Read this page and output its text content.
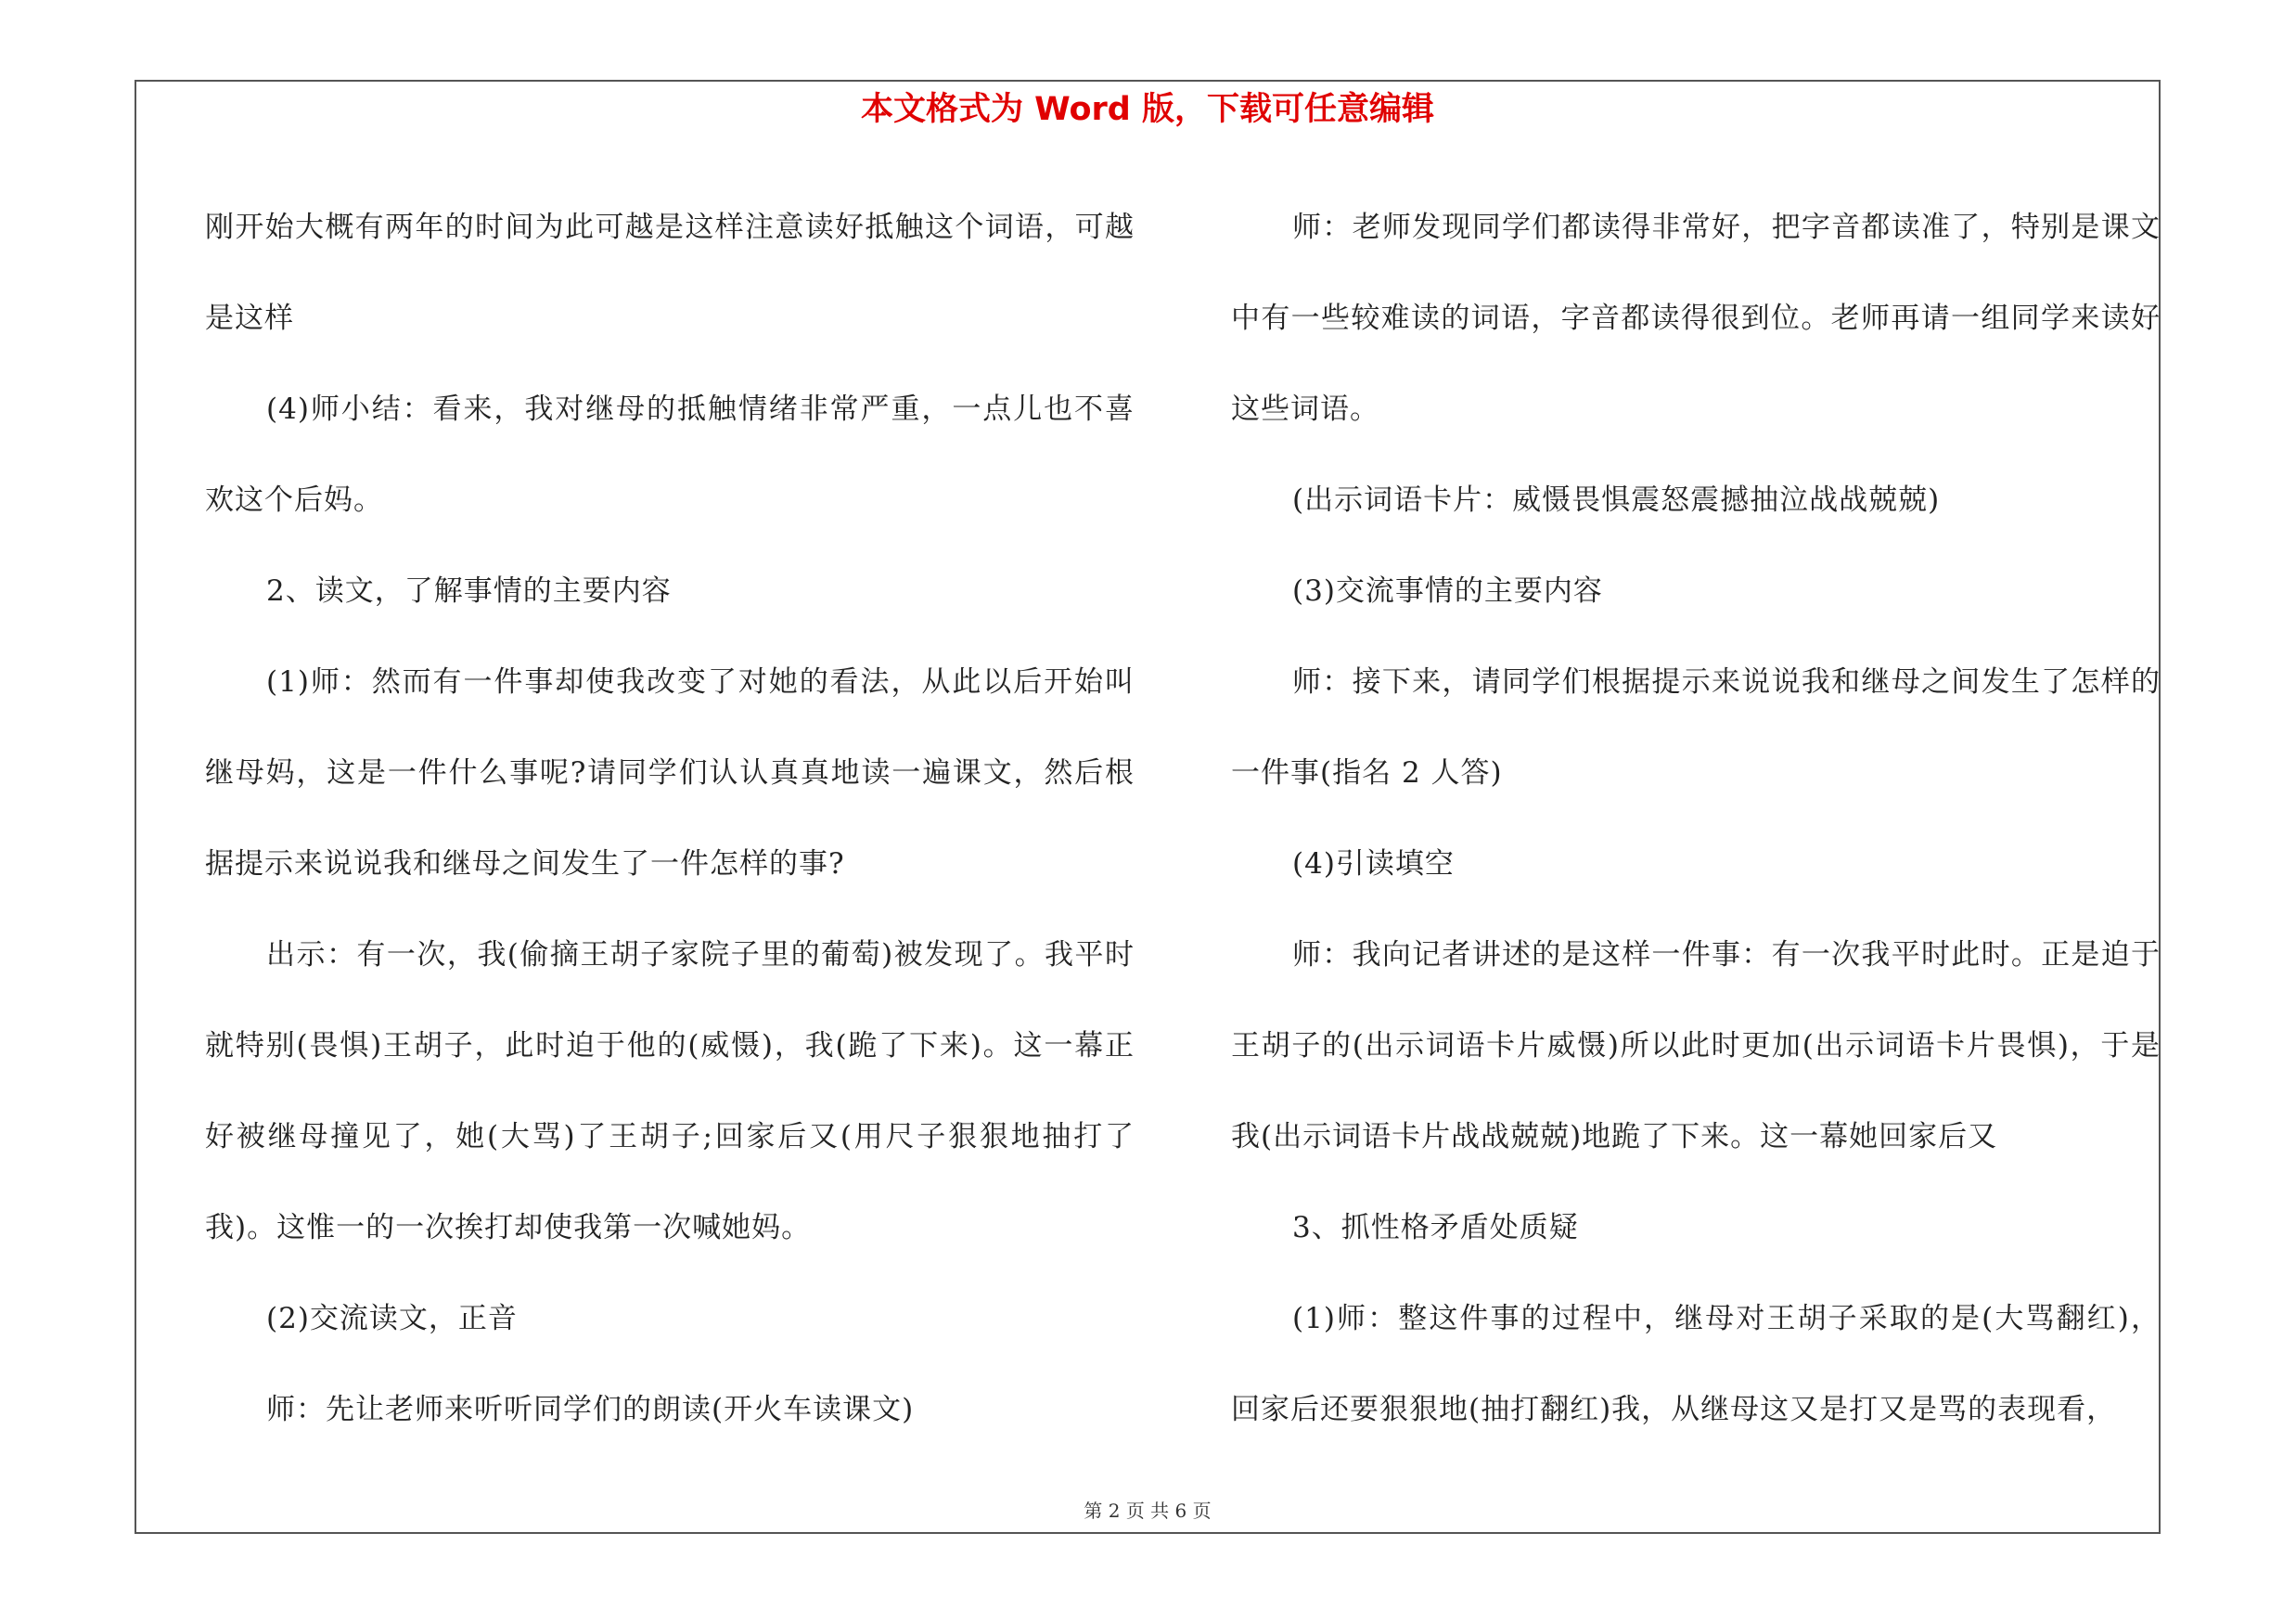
本文格式为 Word 版，下载可任意编辑

刚开始大概有两年的时间为此可越是这样注意读好抵触这个词语，可越是这样

(4)师小结：看来，我对继母的抵触情绪非常严重，一点儿也不喜欢这个后妈。

2、读文，了解事情的主要内容

(1)师：然而有一件事却使我改变了对她的看法，从此以后开始叫继母妈，这是一件什么事呢?请同学们认认真真地读一遍课文，然后根据提示来说说我和继母之间发生了一件怎样的事?

出示：有一次，我(偷摘王胡子家院子里的葡萄)被发现了。我平时就特别(畏惧)王胡子，此时迫于他的(威慑)，我(跪了下来)。这一幕正好被继母撞见了，她(大骂)了王胡子;回家后又(用尺子狠狠地抽打了我)。这惟一的一次挨打却使我第一次喊她妈。

(2)交流读文，正音

师：先让老师来听听同学们的朗读(开火车读课文)

师：老师发现同学们都读得非常好，把字音都读准了，特别是课文中有一些较难读的词语，字音都读得很到位。老师再请一组同学来读好这些词语。

(出示词语卡片：威慑畏惧震怒震撼抽泣战战兢兢)

(3)交流事情的主要内容

师：接下来，请同学们根据提示来说说我和继母之间发生了怎样的一件事(指名 2 人答)

(4)引读填空

师：我向记者讲述的是这样一件事：有一次我平时此时。正是迫于王胡子的(出示词语卡片威慑)所以此时更加(出示词语卡片畏惧)，于是我(出示词语卡片战战兢兢)地跪了下来。这一幕她回家后又

3、抓性格矛盾处质疑

(1)师：整这件事的过程中，继母对王胡子采取的是(大骂翻红)，回家后还要狠狠地(抽打翻红)我，从继母这又是打又是骂的表现看，

第 2 页 共 6 页
